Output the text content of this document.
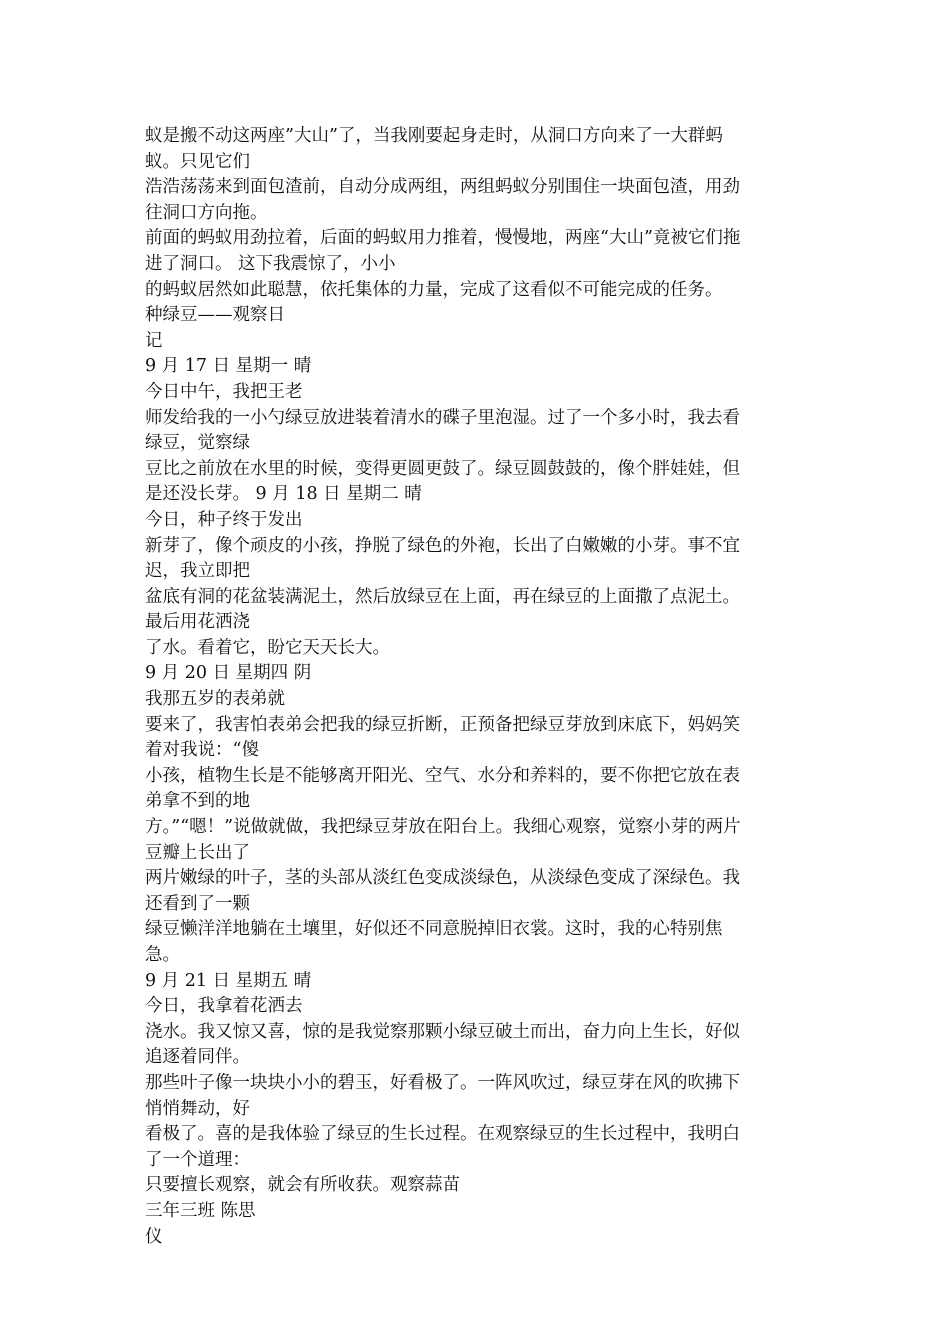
蚁是搬不动这两座”大山”了，当我刚要起身走时，从洞口方向来了一大群蚂
蚁。只见它们
浩浩荡荡来到面包渣前，自动分成两组，两组蚂蚁分别围住一块面包渣，用劲
往洞口方向拖。
前面的蚂蚁用劲拉着，后面的蚂蚁用力推着，慢慢地，两座“大山”竟被它们拖
进了洞口。 这下我震惊了，小小
的蚂蚁居然如此聪慧，依托集体的力量，完成了这看似不可能完成的任务。
种绿豆——观察日
记
9 月 17 日 星期一 晴
今日中午，我把王老
师发给我的一小勺绿豆放进装着清水的碟子里泡湿。过了一个多小时，我去看
绿豆，觉察绿
豆比之前放在水里的时候，变得更圆更鼓了。绿豆圆鼓鼓的，像个胖娃娃，但
是还没长芽。 9 月 18 日 星期二 晴
今日，种子终于发出
新芽了，像个顽皮的小孩，挣脱了绿色的外袍，长出了白嫩嫩的小芽。事不宜
迟，我立即把
盆底有洞的花盆装满泥土，然后放绿豆在上面，再在绿豆的上面撒了点泥土。
最后用花洒浇
了水。看着它，盼它天天长大。
9 月 20 日 星期四 阴
我那五岁的表弟就
要来了，我害怕表弟会把我的绿豆折断，正预备把绿豆芽放到床底下，妈妈笑
着对我说：“傻
小孩，植物生长是不能够离开阳光、空气、水分和养料的，要不你把它放在表
弟拿不到的地
方。”“嗯！”说做就做，我把绿豆芽放在阳台上。我细心观察，觉察小芽的两片
豆瓣上长出了
两片嫩绿的叶子，茎的头部从淡红色变成淡绿色，从淡绿色变成了深绿色。我
还看到了一颗
绿豆懒洋洋地躺在土壤里，好似还不同意脱掉旧衣裳。这时，我的心特别焦
急。
9 月 21 日 星期五 晴
今日，我拿着花洒去
浇水。我又惊又喜，惊的是我觉察那颗小绿豆破土而出，奋力向上生长，好似
追逐着同伴。
那些叶子像一块块小小的碧玉，好看极了。一阵风吹过，绿豆芽在风的吹拂下
悄悄舞动，好
看极了。喜的是我体验了绿豆的生长过程。在观察绿豆的生长过程中，我明白
了一个道理：
只要擅长观察，就会有所收获。观察蒜苗
三年三班 陈思
仪
